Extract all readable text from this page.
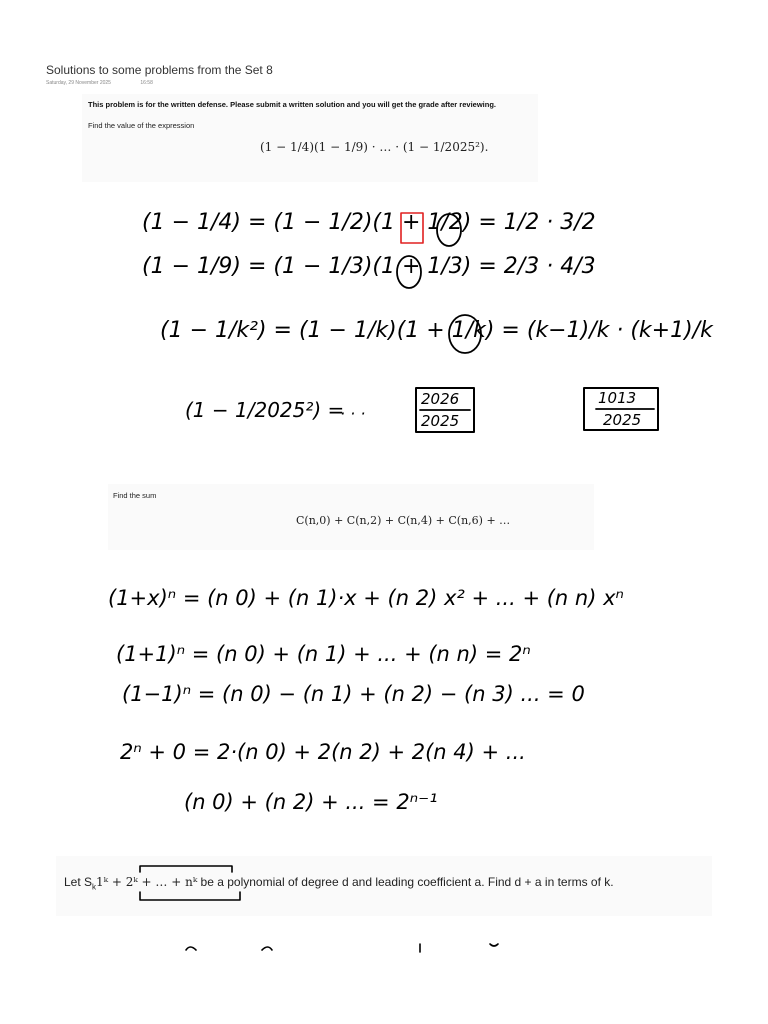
Solutions to some problems from the Set 8
Saturday, 29 November 2025	16:58
This problem is for the written defense. Please submit a written solution and you will get the grade after reviewing.
Find the value of the expression
(1 − 1/4)(1 − 1/9) · … · (1 − 1/2025²).
(1 − 1/4) = (1 − 1/2)(1 + 1/2) = 1/2 · 3/2
(1 − 1/9) = (1 − 1/3)(1 + 1/3) = 2/3 · 4/3
(1 − 1/k²) = (1 − 1/k)(1 + 1/k) = (k−1)/k · (k+1)/k
(1 − 1/2025²) =
· · ·
2026
2025
1013
2025
Find the sum
C(n,0) + C(n,2) + C(n,4) + C(n,6) + …
(1+x)ⁿ = (n 0) + (n 1)·x + (n 2) x² + ... + (n n) xⁿ
(1+1)ⁿ = (n 0) + (n 1) + ... + (n n) = 2ⁿ
(1−1)ⁿ = (n 0) − (n 1) + (n 2) − (n 3) ... = 0
2ⁿ + 0 = 2·(n 0) + 2(n 2) + 2(n 4) + ...
(n 0) + (n 2) + ... = 2ⁿ⁻¹
Let $S_k1ᵏ$ + 2ᵏ + … + nᵏ be a polynomial of degree d and leading coefficient a. Find d + a in terms of k.
